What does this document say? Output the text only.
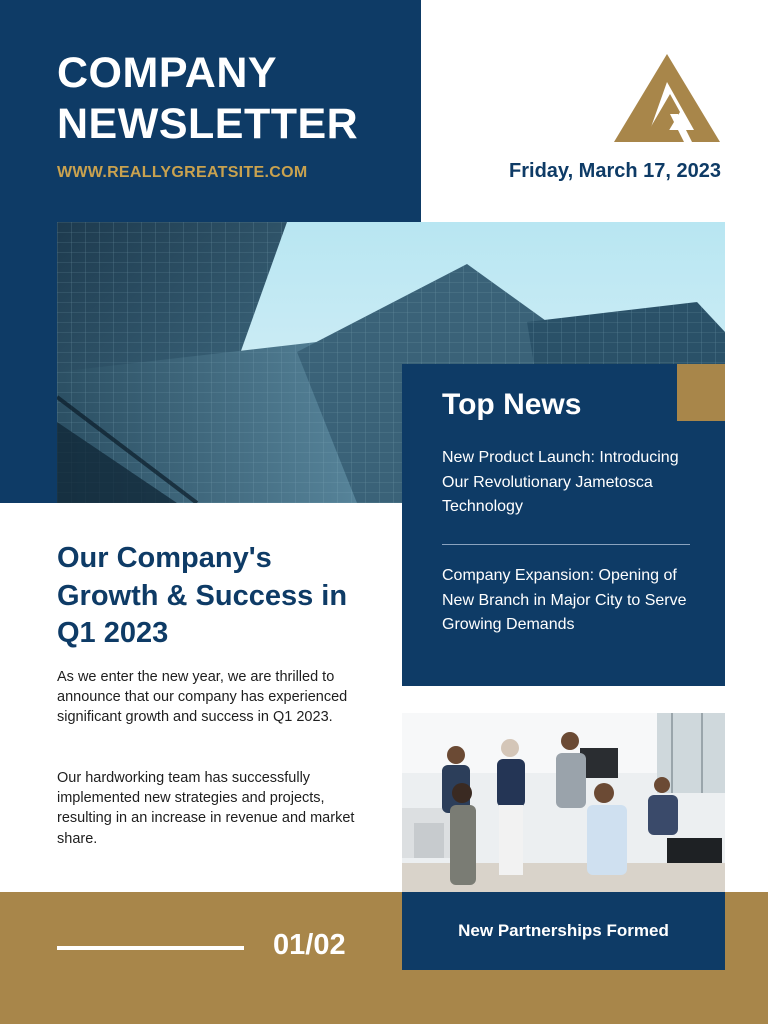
COMPANY
NEWSLETTER
WWW.REALLYGREATSITE.COM	Friday, March 17, 2023
Top News
New Product Launch: Introducing Our Revolutionary Jametosca Technology
Company Expansion: Opening of New Branch in Major City to Serve Growing Demands
Our Company's Growth & Success in Q1 2023

As we enter the new year, we are thrilled to announce that our company has experienced significant growth and success in Q1 2023.

Our hardworking team has successfully implemented new strategies and projects, resulting in an increase in revenue and market share.

01/02	New Partnerships Formed
